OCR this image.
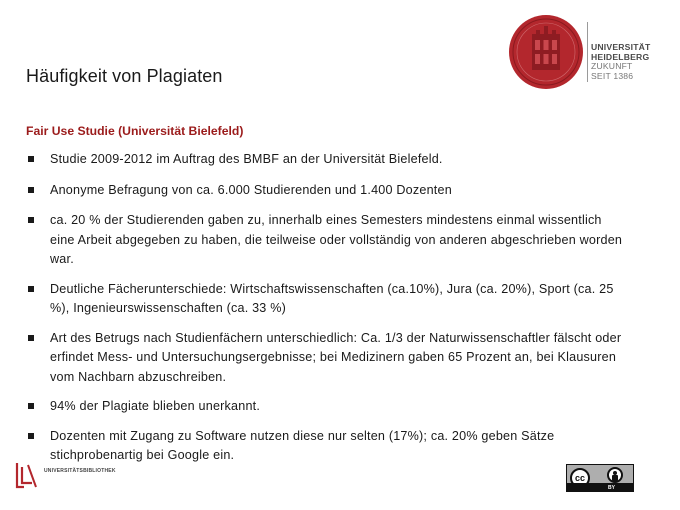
Häufigkeit von Plagiaten
UNIVERSITÄT
HEIDELBERG
ZUKUNFT
SEIT 1386
Fair Use Studie (Universität Bielefeld)
Studie 2009-2012 im Auftrag des BMBF an der Universität Bielefeld.
Anonyme Befragung von ca. 6.000 Studierenden und 1.400 Dozenten
ca. 20 % der Studierenden gaben zu, innerhalb eines Semesters mindestens einmal wissentlich eine Arbeit abgegeben zu haben, die teilweise oder vollständig von anderen abgeschrieben worden war.
Deutliche Fächerunterschiede: Wirtschaftswissenschaften (ca.10%), Jura (ca. 20%), Sport (ca. 25 %), Ingenieurswissenschaften (ca. 33 %)
Art des Betrugs nach Studienfächern unterschiedlich: Ca. 1/3 der Naturwissenschaftler fälscht oder erfindet Mess- und Untersuchungsergebnisse; bei Medizinern gaben 65 Prozent an, bei Klausuren vom Nachbarn abzuschreiben.
94% der Plagiate blieben unerkannt.
Dozenten mit Zugang zu Software nutzen diese nur selten (17%); ca. 20% geben Sätze stichprobenartig bei Google ein.
UNIVERSITÄTSBIBLIOTHEK
cc
BY
